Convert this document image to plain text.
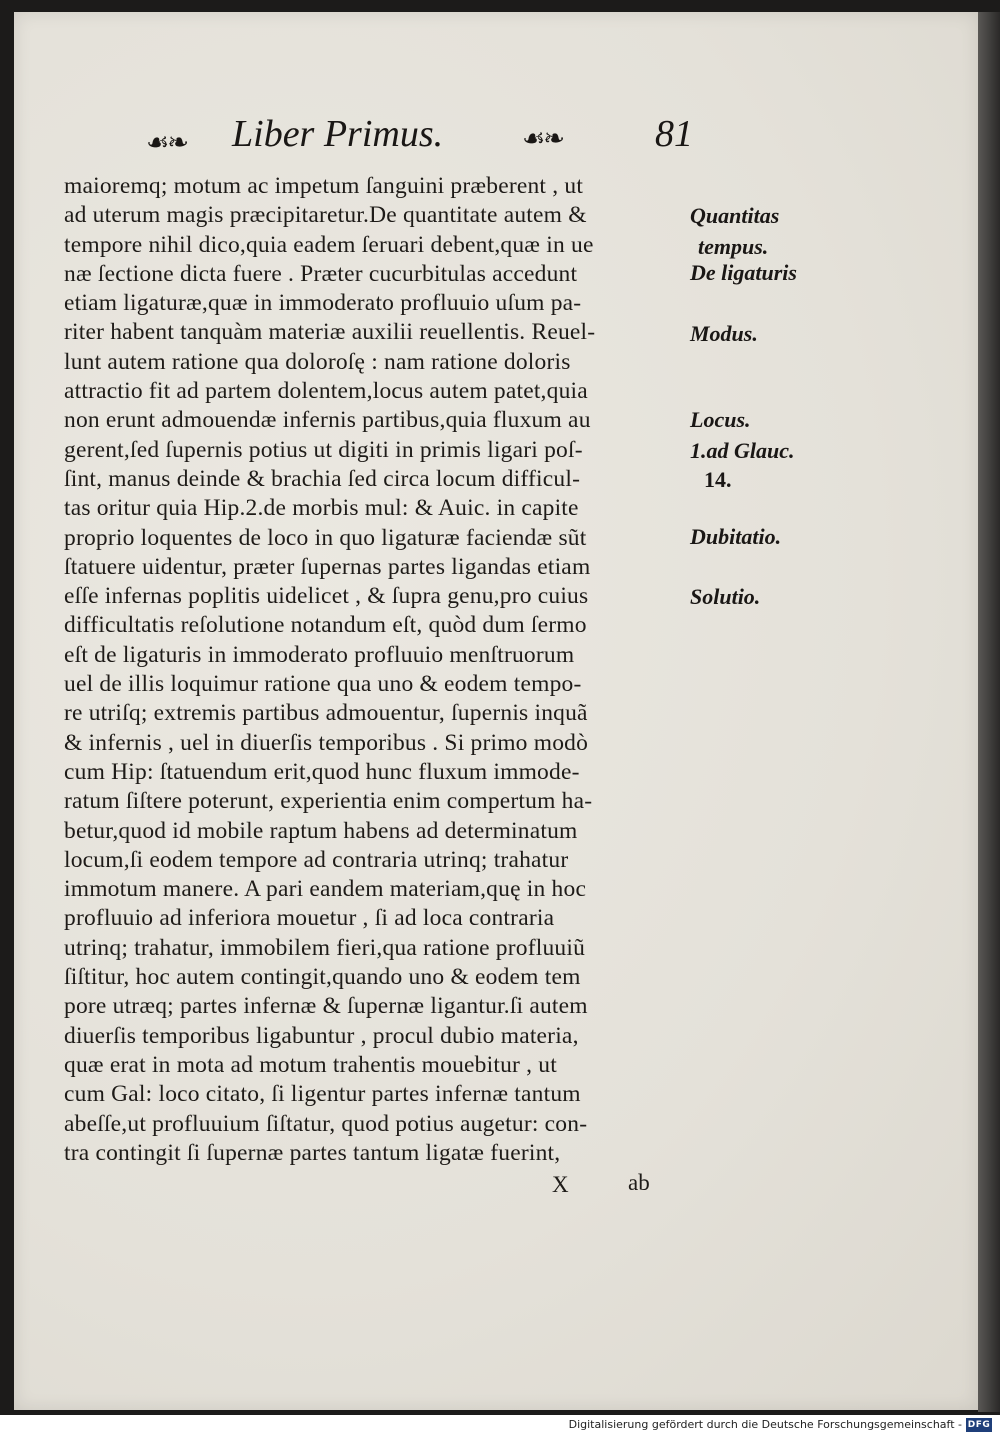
☙❧ Liber Primus.	☙❧ 81
maioremq; motum ac impetum ſanguini præberent , ut
ad uterum magis præcipitaretur.De quantitate autem &
tempore nihil dico,quia eadem ſeruari debent,quæ in ue
næ ſectione dicta fuere . Præter cucurbitulas accedunt
etiam ligaturæ,quæ in immoderato profluuio uſum pa-
riter habent tanquàm materiæ auxilii reuellentis. Reuel-
lunt autem ratione qua doloroſę : nam ratione doloris
attractio fit ad partem dolentem,locus autem patet,quia
non erunt admouendæ infernis partibus,quia fluxum au
gerent,ſed ſupernis potius ut digiti in primis ligari poſ-
ſint, manus deinde & brachia ſed circa locum difficul-
tas oritur quia Hip.2.de morbis mul: & Auic. in capite
proprio loquentes de loco in quo ligaturæ faciendæ sũt
ſtatuere uidentur, præter ſupernas partes ligandas etiam
eſſe infernas poplitis uidelicet , & ſupra genu,pro cuius
difficultatis reſolutione notandum eſt, quòd dum ſermo
eſt de ligaturis in immoderato profluuio menſtruorum
uel de illis loquimur ratione qua uno & eodem tempo-
re utriſq; extremis partibus admouentur, ſupernis inquã
& infernis , uel in diuerſis temporibus . Si primo modò
cum Hip: ſtatuendum erit,quod hunc fluxum immode-
ratum ſiſtere poterunt, experientia enim compertum ha-
betur,quod id mobile raptum habens ad determinatum
locum,ſi eodem tempore ad contraria utrinq; trahatur
immotum manere. A pari eandem materiam,quę in hoc
profluuio ad inferiora mouetur , ſi ad loca contraria
utrinq; trahatur, immobilem fieri,qua ratione profluuiũ
ſiſtitur, hoc autem contingit,quando uno & eodem tem
pore utræq; partes infernæ & ſupernæ ligantur.ſi autem
diuerſis temporibus ligabuntur , procul dubio materia,
quæ erat in mota ad motum trahentis mouebitur , ut
cum Gal: loco citato, ſi ligentur partes infernæ tantum
abeſſe,ut profluuium ſiſtatur, quod potius augetur: con-
tra contingit ſi ſupernæ partes tantum ligatæ fuerint,
Quantitas
tempus.
De ligaturis
Modus.
Locus.
1.ad Glauc.
14.
Dubitatio.
Solutio.
X	ab
Digitalisierung gefördert durch die Deutsche Forschungsgemeinschaft - DFG
